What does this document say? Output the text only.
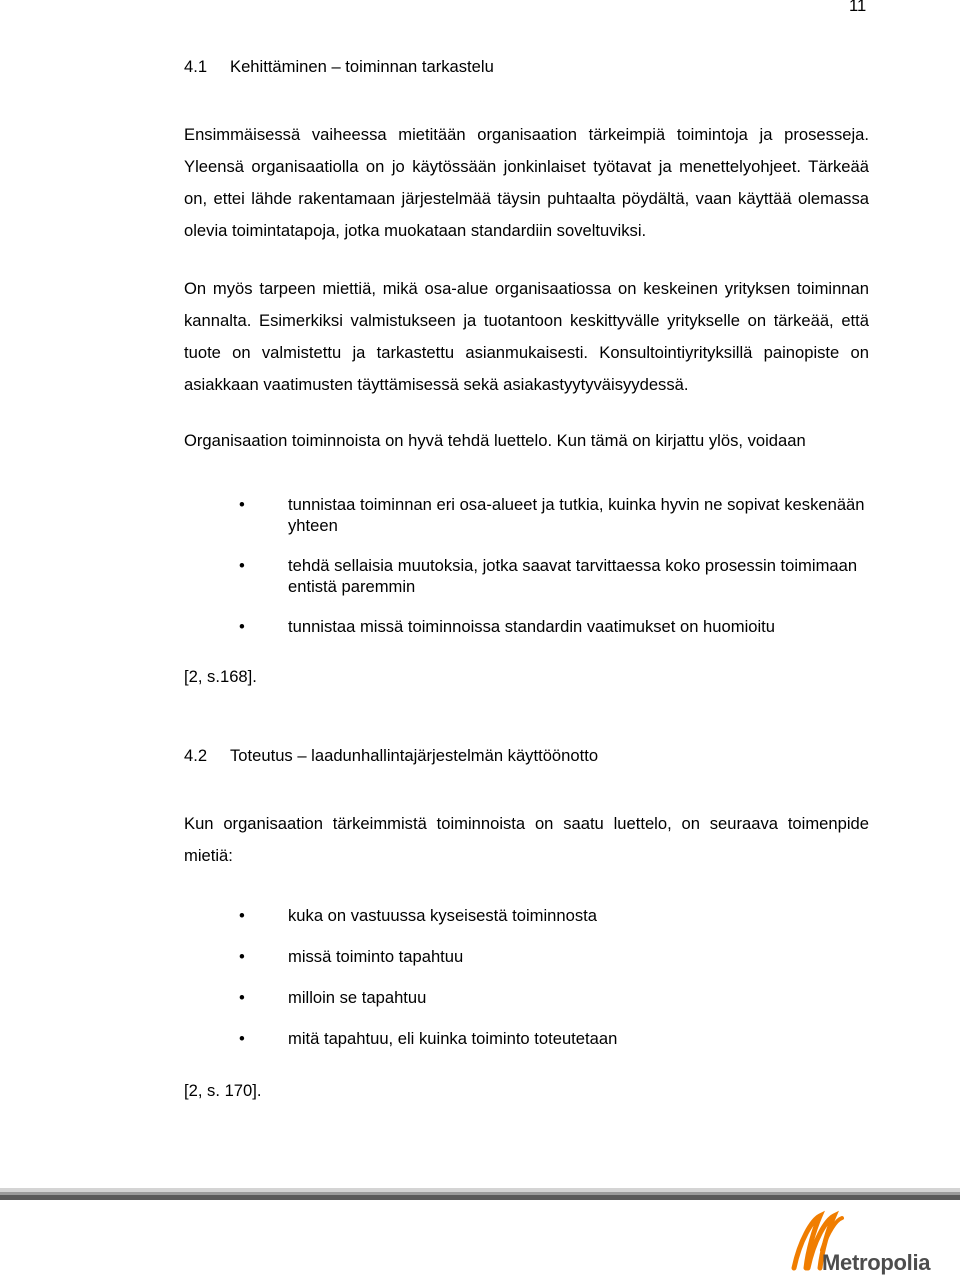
11
4.1 Kehittäminen – toiminnan tarkastelu
Ensimmäisessä vaiheessa mietitään organisaation tärkeimpiä toimintoja ja prosesseja. Yleensä organisaatiolla on jo käytössään jonkinlaiset työtavat ja menettelyohjeet. Tärkeää on, ettei lähde rakentamaan järjestelmää täysin puhtaalta pöydältä, vaan käyttää olemassa olevia toimintatapoja, jotka muokataan standardiin soveltuviksi.
On myös tarpeen miettiä, mikä osa-alue organisaatiossa on keskeinen yrityksen toiminnan kannalta. Esimerkiksi valmistukseen ja tuotantoon keskittyvälle yritykselle on tärkeää, että tuote on valmistettu ja tarkastettu asianmukaisesti. Konsultointiyrityksillä painopiste on asiakkaan vaatimusten täyttämisessä sekä asiakastyytyväisyydessä.
Organisaation toiminnoista on hyvä tehdä luettelo. Kun tämä on kirjattu ylös, voidaan
•	tunnistaa toiminnan eri osa-alueet ja tutkia, kuinka hyvin ne sopivat keskenään yhteen
•	tehdä sellaisia muutoksia, jotka saavat tarvittaessa koko prosessin toimimaan entistä paremmin
•	tunnistaa missä toiminnoissa standardin vaatimukset on huomioitu
[2, s.168].
4.2 Toteutus – laadunhallintajärjestelmän käyttöönotto
Kun organisaation tärkeimmistä toiminnoista on saatu luettelo, on seuraava toimenpide mietiä:
•	kuka on vastuussa kyseisestä toiminnosta
•	missä toiminto tapahtuu
•	milloin se tapahtuu
•	mitä tapahtuu, eli kuinka toiminto toteutetaan
[2, s. 170].
Metropolia
